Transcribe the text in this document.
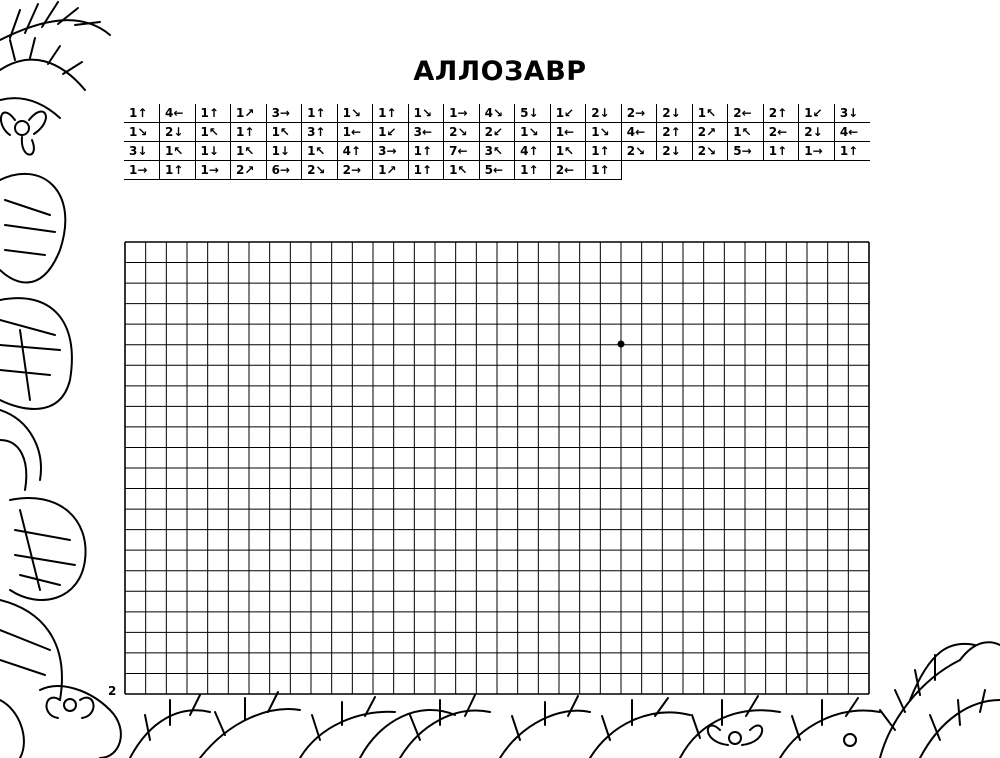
АЛЛОЗАВР
1↑	4←	1↑	1↗	3→	1↑	1↘	1↑	1↘	1→	4↘	5↓	1↙	2↓	2→	2↓	1↖	2←	2↑	1↙	3↓
1↘	2↓	1↖	1↑	1↖	3↑	1←	1↙	3←	2↘	2↙	1↘	1←	1↘	4←	2↑	2↗	1↖	2←	2↓	4←
3↓	1↖	1↓	1↖	1↓	1↖	4↑	3→	1↑	7←	3↖	4↑	1↖	1↑	2↘	2↓	2↘	5→	1↑	1→	1↑
1→	1↑	1→	2↗	6→	2↘	2→	1↗	1↑	1↖	5←	1↑	2←	1↑							
2
